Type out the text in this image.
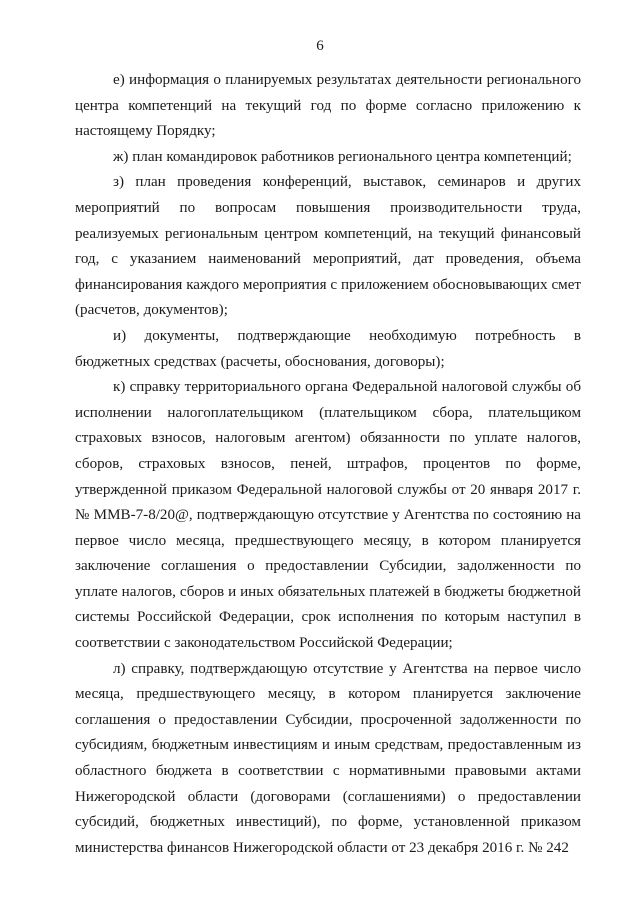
6

е) информация о планируемых результатах деятельности регионального центра компетенций на текущий год по форме согласно приложению к настоящему Порядку;

ж) план командировок работников регионального центра компетенций;

з) план проведения конференций, выставок, семинаров и других мероприятий по вопросам повышения производительности труда, реализуемых региональным центром компетенций, на текущий финансовый год, с указанием наименований мероприятий, дат проведения, объема финансирования каждого мероприятия с приложением обосновывающих смет (расчетов, документов);

и) документы, подтверждающие необходимую потребность в бюджетных средствах (расчеты, обоснования, договоры);

к) справку территориального органа Федеральной налоговой службы об исполнении налогоплательщиком (плательщиком сбора, плательщиком страховых взносов, налоговым агентом) обязанности по уплате налогов, сборов, страховых взносов, пеней, штрафов, процентов по форме, утвержденной приказом Федеральной налоговой службы от 20 января 2017 г. № ММВ-7-8/20@, подтверждающую отсутствие у Агентства по состоянию на первое число месяца, предшествующего месяцу, в котором планируется заключение соглашения о предоставлении Субсидии, задолженности по уплате налогов, сборов и иных обязательных платежей в бюджеты бюджетной системы Российской Федерации, срок исполнения по которым наступил в соответствии с законодательством Российской Федерации;

л) справку, подтверждающую отсутствие у Агентства на первое число месяца, предшествующего месяцу, в котором планируется заключение соглашения о предоставлении Субсидии, просроченной задолженности по субсидиям, бюджетным инвестициям и иным средствам, предоставленным из областного бюджета в соответствии с нормативными правовыми актами Нижегородской области (договорами (соглашениями) о предоставлении субсидий, бюджетных инвестиций), по форме, установленной приказом министерства финансов Нижегородской области от 23 декабря 2016 г. № 242
